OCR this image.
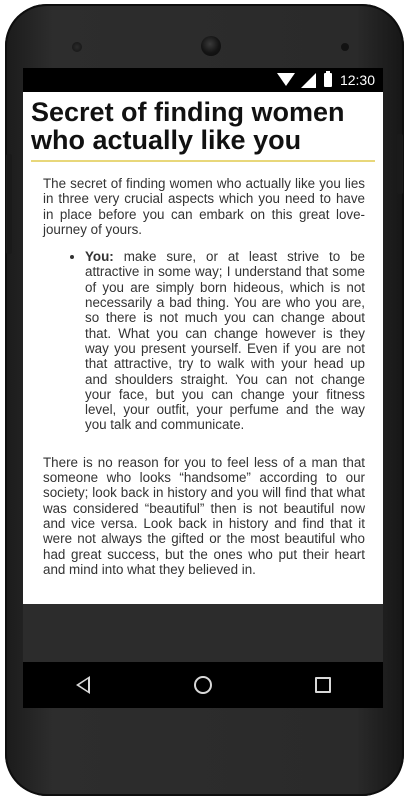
12:30
Secret of finding women who actually like you

The secret of finding women who actually like you lies in three very crucial aspects which you need to have in place before you can embark on this great love-journey of yours.

• You: make sure, or at least strive to be attractive in some way; I understand that some of you are simply born hideous, which is not necessarily a bad thing. You are who you are, so there is not much you can change about that. What you can change however is they way you present yourself. Even if you are not that attractive, try to walk with your head up and shoulders straight. You can not change your face, but you can change your fitness level, your outfit, your perfume and the way you talk and communicate.

There is no reason for you to feel less of a man that someone who looks “handsome” according to our society; look back in history and you will find that what was considered “beautiful” then is not beautiful now and vice versa. Look back in history and find that it were not always the gifted or the most beautiful who had great success, but the ones who put their heart and mind into what they believed in.
